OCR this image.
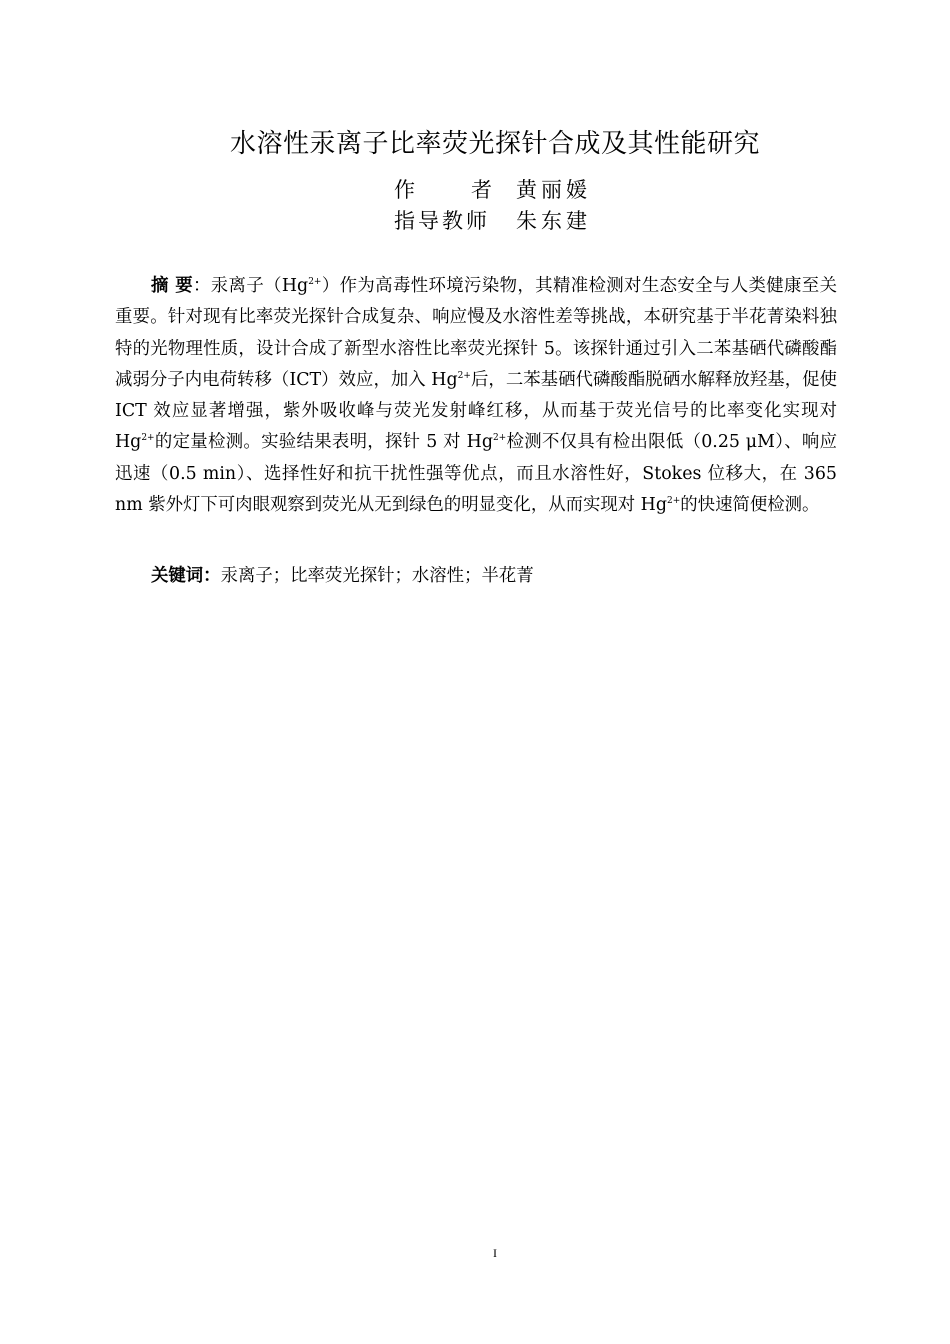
水溶性汞离子比率荧光探针合成及其性能研究
作	者 黄丽媛
指导教师 朱东建
摘 要：汞离子$(Hg^{2+})$作为高毒性环境污染物，其精准检测对生态安全与人类健康至关重要。针对现有比率荧光探针合成复杂、响应慢及水溶性差等挑战，本研究基于半花菁染料独特的光物理性质，设计合成了新型水溶性比率荧光探针 5。该探针通过引入二苯基硒代磷酸酯减弱分子内电荷转移（ICT）效应，加入 $Hg^{2+}$后，二苯基硒代磷酸酯脱硒水解释放羟基，促使 ICT 效应显著增强，紫外吸收峰与荧光发射峰红移，从而基于荧光信号的比率变化实现对 $Hg^{2+}$的定量检测。实验结果表明，探针 5 对 $Hg^{2+}$检测不仅具有检出限低（0.25 μM）、响应迅速（0.5 min）、选择性好和抗干扰性强等优点，而且水溶性好，Stokes 位移大，在 365 nm 紫外灯下可肉眼观察到荧光从无到绿色的明显变化，从而实现对 $Hg^{2+}$的快速简便检测。
关键词：汞离子；比率荧光探针；水溶性；半花菁
I
